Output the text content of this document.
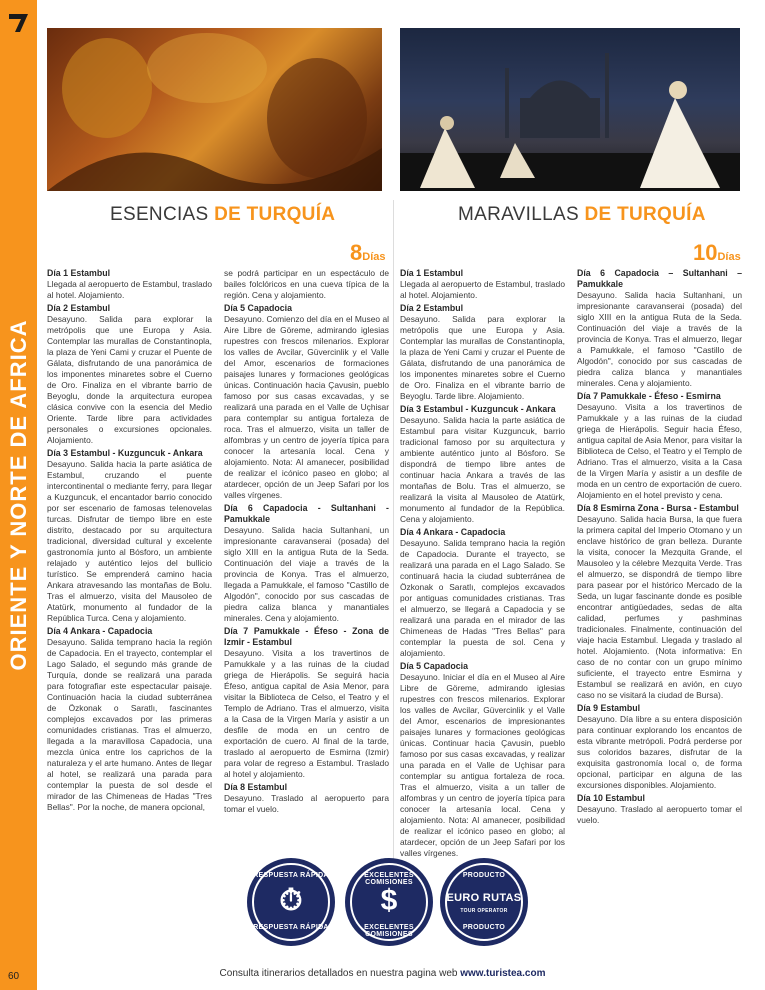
ORIENTE Y NORTE DE AFRICA
60
ESENCIAS DE TURQUÍA
8Días
MARAVILLAS DE TURQUÍA
10Días
Día 1 Estambul

Llegada al aeropuerto de Estambul, traslado al hotel. Alojamiento.

Día 2 Estambul

Desayuno. Salida para explorar la metrópolis que une Europa y Asia. Contemplar las murallas de Constantinopla, la plaza de Yeni Cami y cruzar el Puente de Gálata, disfrutando de una panorámica de los imponentes minaretes sobre el Cuerno de Oro. Finaliza en el vibrante barrio de Beyoglu, donde la arquitectura europea clásica convive con la esencia del Medio Oriente. Tarde libre para actividades personales o excursiones opcionales. Alojamiento.

Día 3 Estambul - Kuzguncuk - Ankara

Desayuno. Salida hacia la parte asiática de Estambul, cruzando el puente intercontinental o mediante ferry, para llegar a Kuzguncuk, el encantador barrio conocido por ser escenario de famosas telenovelas turcas. Disfrutar de tiempo libre en este distrito, destacado por su arquitectura tradicional, diversidad cultural y excelente gastronomía junto al Bósforo, un ambiente relajado y auténtico lejos del bullicio turístico. Se emprenderá camino hacia Ankara atravesando las montañas de Bolu. Tras el almuerzo, visita del Mausoleo de Atatürk, monumento al fundador de la República Turca. Cena y alojamiento.

Día 4 Ankara - Capadocia

Desayuno. Salida temprano hacia la región de Capadocia. En el trayecto, contemplar el Lago Salado, el segundo más grande de Turquía, donde se realizará una parada para fotografiar este espectacular paisaje. Continuación hacia la ciudad subterránea de Özkonak o Saratlı, fascinantes complejos excavados por las primeras comunidades cristianas. Tras el almuerzo, llegada a la maravillosa Capadocia, una mezcla única entre los caprichos de la naturaleza y el arte humano. Antes de llegar al hotel, se realizará una parada para contemplar la puesta de sol desde el mirador de las Chimeneas de Hadas "Tres Bellas". Por la noche, de manera opcional,

se podrá participar en un espectáculo de bailes folclóricos en una cueva típica de la región. Cena y alojamiento.

Día 5 Capadocia

Desayuno. Comienzo del día en el Museo al Aire Libre de Göreme, admirando iglesias rupestres con frescos milenarios. Explorar los valles de Avcilar, Güvercinlik y el Valle del Amor, escenarios de formaciones paisajes lunares y formaciones geológicas únicas. Continuación hacia Çavusin, pueblo famoso por sus casas excavadas, y se realizará una parada en el Valle de Uçhisar para contemplar su antigua fortaleza de roca. Tras el almuerzo, visita un taller de alfombras y un centro de joyería típica para conocer la artesanía local. Cena y alojamiento. Nota: Al amanecer, posibilidad de realizar el icónico paseo en globo; al atardecer, opción de un Jeep Safari por los valles vírgenes.

Día 6 Capadocia - Sultanhani - Pamukkale

Desayuno. Salida hacia Sultanhani, un impresionante caravanserai (posada) del siglo XIII en la antigua Ruta de la Seda. Continuación del viaje a través de la provincia de Konya. Tras el almuerzo, llegada a Pamukkale, el famoso "Castillo de Algodón", conocido por sus cascadas de piedra caliza blanca y manantiales minerales. Cena y alojamiento.

Día 7 Pamukkale - Éfeso - Zona de Izmir - Estambul

Desayuno. Visita a los travertinos de Pamukkale y a las ruinas de la ciudad griega de Hierápolis. Se seguirá hacia Éfeso, antigua capital de Asia Menor, para visitar la Biblioteca de Celso, el Teatro y el Templo de Adriano. Tras el almuerzo, visita a la Casa de la Virgen María y asistir a un desfile de moda en un centro de exportación de cuero. Al final de la tarde, traslado al aeropuerto de Esmirna (Izmir) para volar de regreso a Estambul. Traslado al hotel y alojamiento.

Día 8 Estambul

Desayuno. Traslado al aeropuerto para tomar el vuelo.

Día 1 Estambul

Llegada al aeropuerto de Estambul, traslado al hotel. Alojamiento.

Día 2 Estambul

Desayuno. Salida para explorar la metrópolis que une Europa y Asia. Contemplar las murallas de Constantinopla, la plaza de Yeni Cami y cruzar el Puente de Gálata, disfrutando de una panorámica de los imponentes minaretes sobre el Cuerno de Oro. Finaliza en el vibrante barrio de Beyoglu. Tarde libre. Alojamiento.

Día 3 Estambul - Kuzguncuk - Ankara

Desayuno. Salida hacia la parte asiática de Estambul para visitar Kuzguncuk, barrio tradicional famoso por su arquitectura y ambiente auténtico junto al Bósforo. Se dispondrá de tiempo libre antes de continuar hacia Ankara a través de las montañas de Bolu. Tras el almuerzo, se realizará la visita al Mausoleo de Atatürk, monumento al fundador de la República. Cena y alojamiento.

Día 4 Ankara - Capadocia

Desayuno. Salida temprano hacia la región de Capadocia. Durante el trayecto, se realizará una parada en el Lago Salado. Se continuará hacia la ciudad subterránea de Özkonak o Saratlı, complejos excavados por antiguas comunidades cristianas. Tras el almuerzo, se llegará a Capadocia y se realizará una parada en el mirador de las Chimeneas de Hadas "Tres Bellas" para contemplar la puesta de sol. Cena y alojamiento.

Día 5 Capadocia

Desayuno. Iniciar el día en el Museo al Aire Libre de Göreme, admirando iglesias rupestres con frescos milenarios. Explorar los valles de Avcilar, Güvercinlik y el Valle del Amor, escenarios de impresionantes paisajes lunares y formaciones geológicas únicas. Continuar hacia Çavusin, pueblo famoso por sus casas excavadas, y realizar una parada en el Valle de Uçhisar para contemplar su antigua fortaleza de roca. Tras el almuerzo, visita a un taller de alfombras y un centro de joyería típica para conocer la artesanía local. Cena y alojamiento. Nota: Al amanecer, posibilidad de realizar el icónico paseo en globo; al atardecer, opción de un Jeep Safari por los valles vírgenes.

Día 6 Capadocia – Sultanhani – Pamukkale

Desayuno. Salida hacia Sultanhani, un impresionante caravanserai (posada) del siglo XIII en la antigua Ruta de la Seda. Continuación del viaje a través de la provincia de Konya. Tras el almuerzo, llegar a Pamukkale, el famoso "Castillo de Algodón", conocido por sus cascadas de piedra caliza blanca y manantiales minerales. Cena y alojamiento.

Día 7 Pamukkale - Éfeso - Esmirna

Desayuno. Visita a los travertinos de Pamukkale y a las ruinas de la ciudad griega de Hierápolis. Seguir hacia Éfeso, antigua capital de Asia Menor, para visitar la Biblioteca de Celso, el Teatro y el Templo de Adriano. Tras el almuerzo, visita a la Casa de la Virgen María y asistir a un desfile de moda en un centro de exportación de cuero. Alojamiento en el hotel previsto y cena.

Día 8 Esmirna Zona - Bursa - Estambul

Desayuno. Salida hacia Bursa, la que fuera la primera capital del Imperio Otomano y un enclave histórico de gran belleza. Durante la visita, conocer la Mezquita Grande, el Mausoleo y la célebre Mezquita Verde. Tras el almuerzo, se dispondrá de tiempo libre para pasear por el histórico Mercado de la Seda, un lugar fascinante donde es posible encontrar antigüedades, sedas de alta calidad, perfumes y pashminas tradicionales. Finalmente, continuación del viaje hacia Estambul. Llegada y traslado al hotel. Alojamiento. (Nota informativa: En caso de no contar con un grupo mínimo suficiente, el trayecto entre Esmirna y Estambul se realizará en avión, en cuyo caso no se visitará la ciudad de Bursa).

Día 9 Estambul

Desayuno. Día libre a su entera disposición para continuar explorando los encantos de esta vibrante metrópoli. Podrá perderse por sus coloridos bazares, disfrutar de la exquisita gastronomía local o, de forma opcional, participar en alguna de las excursiones disponibles. Alojamiento.

Día 10 Estambul

Desayuno. Traslado al aeropuerto tomar el vuelo.

RESPUESTA RÁPIDA
⏱
RESPUESTA RÁPIDA
EXCELENTES COMISIONES
$
EXCELENTES COMISIONES
PRODUCTO
EURO RUTAS
TOUR OPERATOR
PRODUCTO
Consulta itinerarios detallados en nuestra pagina web www.turistea.com
